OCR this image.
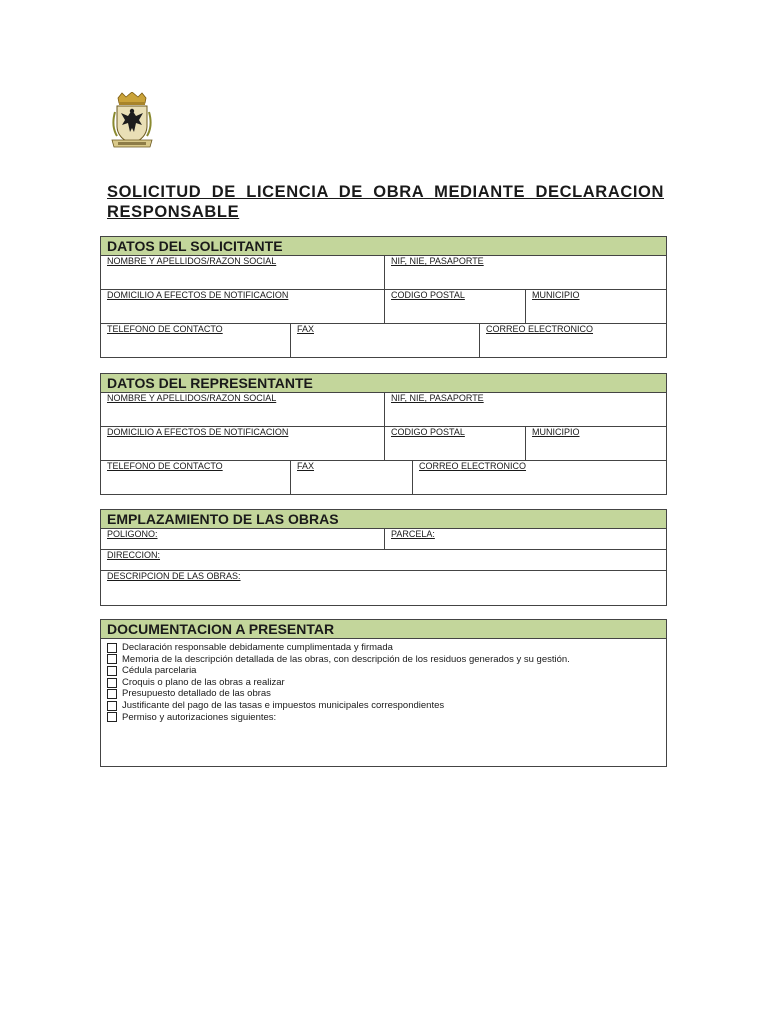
SOLICITUD DE LICENCIA DE OBRA MEDIANTE DECLARACION RESPONSABLE
DATOS DEL SOLICITANTE
NOMBRE Y APELLIDOS/RAZON SOCIAL	NIF, NIE, PASAPORTE
DOMICILIO A EFECTOS DE NOTIFICACION	CODIGO POSTAL	MUNICIPIO
TELEFONO DE CONTACTO	FAX	CORREO ELECTRONICO
DATOS DEL REPRESENTANTE
NOMBRE Y APELLIDOS/RAZON SOCIAL	NIF, NIE, PASAPORTE
DOMICILIO A EFECTOS DE NOTIFICACION	CODIGO POSTAL	MUNICIPIO
TELEFONO DE CONTACTO	FAX	CORREO ELECTRONICO
EMPLAZAMIENTO DE LAS OBRAS
POLIGONO:	PARCELA:
DIRECCION:
DESCRIPCION DE LAS OBRAS:
DOCUMENTACION A PRESENTAR
Declaración responsable debidamente cumplimentada y firmada
Memoria de la descripción detallada de las obras, con descripción de los residuos generados y su gestión.
Cédula parcelaria
Croquis o plano de las obras a realizar
Presupuesto detallado de las obras
Justificante del pago de las tasas e impuestos municipales correspondientes
Permiso y autorizaciones siguientes:
